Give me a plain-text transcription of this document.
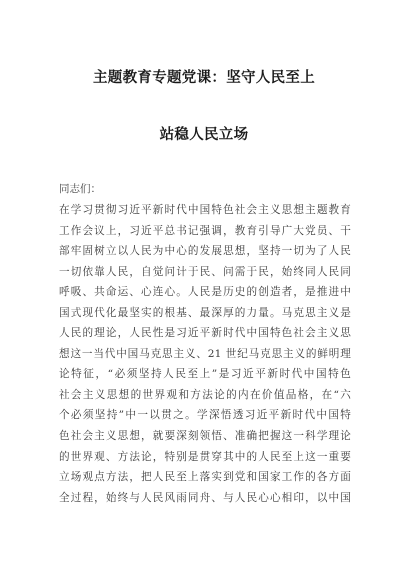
主题教育专题党课：坚守人民至上
站稳人民立场
同志们：
在学习贯彻习近平新时代中国特色社会主义思想主题教育
工作会议上，习近平总书记强调，教育引导广大党员、干
部牢固树立以人民为中心的发展思想，坚持一切为了人民
一切依靠人民，自觉问计于民、问需于民，始终同人民同
呼吸、共命运、心连心。人民是历史的创造者，是推进中
国式现代化最坚实的根基、最深厚的力量。马克思主义是
人民的理论，人民性是习近平新时代中国特色社会主义思
想这一当代中国马克思主义、21 世纪马克思主义的鲜明理
论特征，“必须坚持人民至上”是习近平新时代中国特色
社会主义思想的世界观和方法论的内在价值品格，在“六
个必须坚持”中一以贯之。学深悟透习近平新时代中国特
色社会主义思想，就要深刻领悟、准确把握这一科学理论
的世界观、方法论，特别是贯穿其中的人民至上这一重要
立场观点方法，把人民至上落实到党和国家工作的各方面
全过程，始终与人民风雨同舟、与人民心心相印，以中国
